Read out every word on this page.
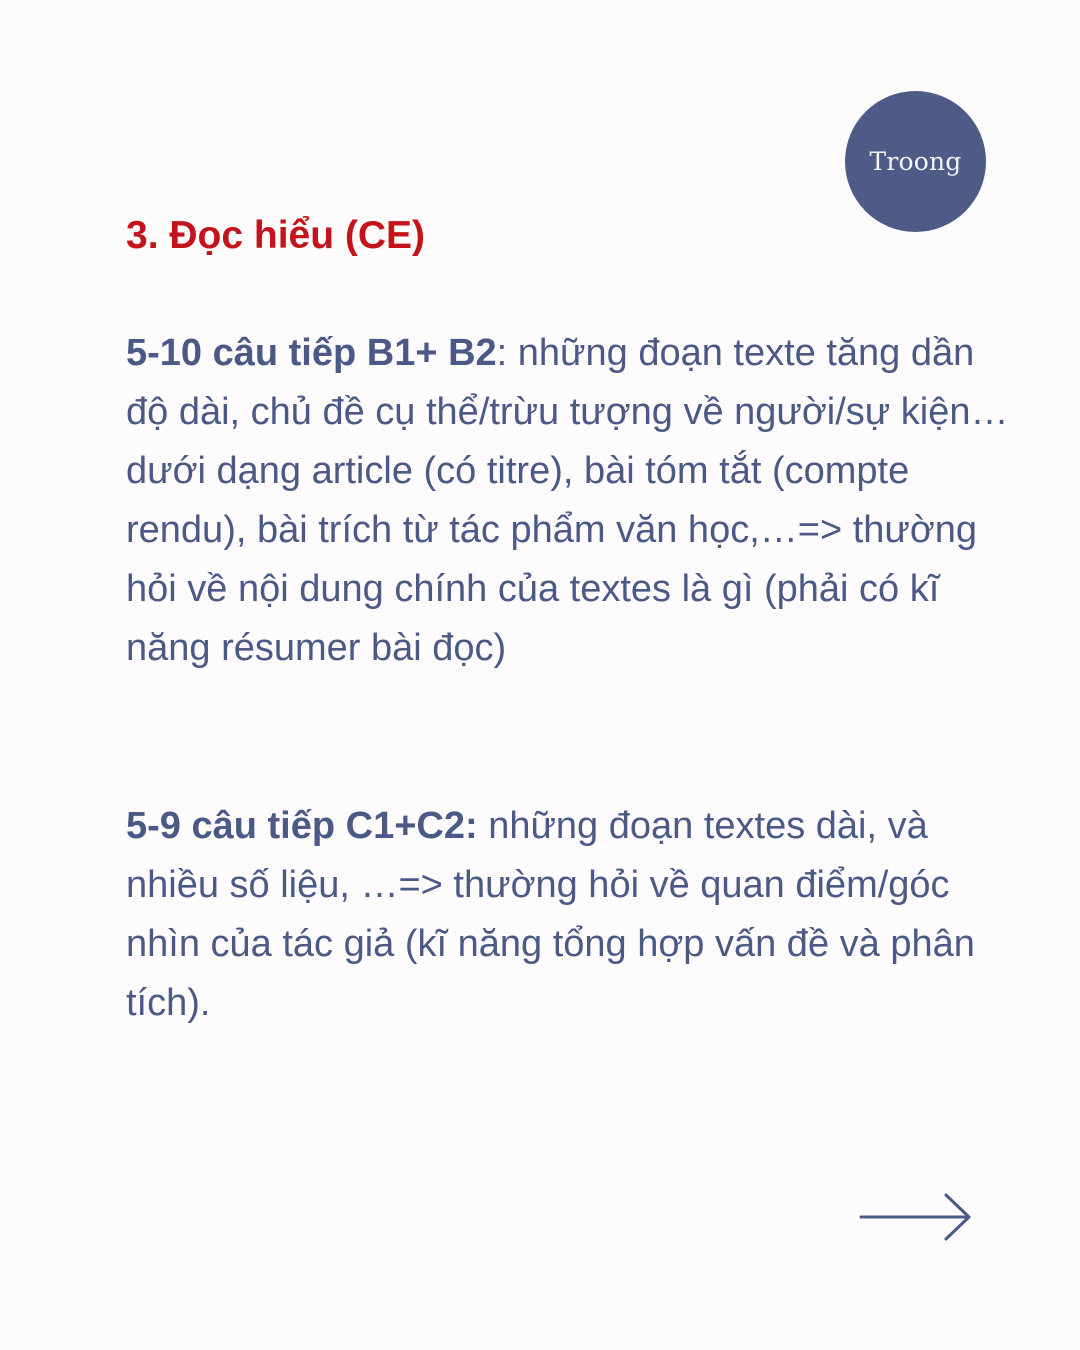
Troong
3. Đọc hiểu (CE)

5-10 câu tiếp B1+ B2: những đoạn texte tăng dần độ dài, chủ đề cụ thể/trừu tượng về người/sự kiện…dưới dạng article (có titre), bài tóm tắt (compte rendu), bài trích từ tác phẩm văn học,…=> thường hỏi về nội dung chính của textes là gì (phải có kĩ năng résumer bài đọc)

5-9 câu tiếp C1+C2: những đoạn textes dài, và nhiều số liệu, …=> thường hỏi về quan điểm/góc nhìn của tác giả (kĩ năng tổng hợp vấn đề và phân tích).
